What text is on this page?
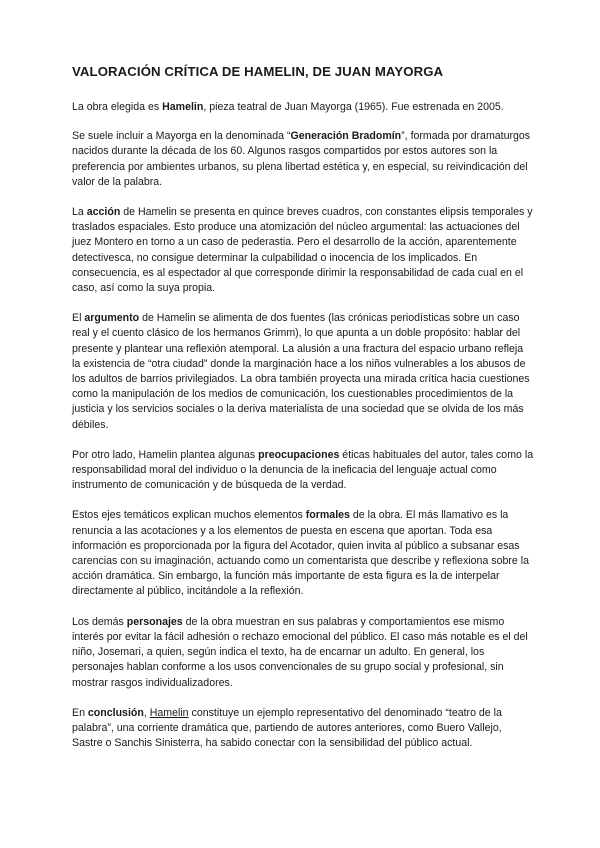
VALORACIÓN CRÍTICA DE HAMELIN, DE JUAN MAYORGA

La obra elegida es Hamelin, pieza teatral de Juan Mayorga (1965). Fue estrenada en 2005.

Se suele incluir a Mayorga en la denominada “Generación Bradomín”, formada por dramaturgos nacidos durante la década de los 60. Algunos rasgos compartidos por estos autores son la preferencia por ambientes urbanos, su plena libertad estética y, en especial, su reivindicación del valor de la palabra.

La acción de Hamelin se presenta en quince breves cuadros, con constantes elipsis temporales y traslados espaciales. Esto produce una atomización del núcleo argumental: las actuaciones del juez Montero en torno a un caso de pederastia. Pero el desarrollo de la acción, aparentemente detectivesca, no consigue determinar la culpabilidad o inocencia de los implicados. En consecuencia, es al espectador al que corresponde dirimir la responsabilidad de cada cual en el caso, así como la suya propia.

El argumento de Hamelin se alimenta de dos fuentes (las crónicas periodísticas sobre un caso real y el cuento clásico de los hermanos Grimm), lo que apunta a un doble propósito: hablar del presente y plantear una reflexión atemporal. La alusión a una fractura del espacio urbano refleja la existencia de “otra ciudad” donde la marginación hace a los niños vulnerables a los abusos de los adultos de barrios privilegiados. La obra también proyecta una mirada crítica hacia cuestiones como la manipulación de los medios de comunicación, los cuestionables procedimientos de la justicia y los servicios sociales o la deriva materialista de una sociedad que se olvida de los más débiles.

Por otro lado, Hamelin plantea algunas preocupaciones éticas habituales del autor, tales como la responsabilidad moral del individuo o la denuncia de la ineficacia del lenguaje actual como instrumento de comunicación y de búsqueda de la verdad.

Estos ejes temáticos explican muchos elementos formales de la obra. El más llamativo es la renuncia a las acotaciones y a los elementos de puesta en escena que aportan. Toda esa información es proporcionada por la figura del Acotador, quien invita al público a subsanar esas carencias con su imaginación, actuando como un comentarista que describe y reflexiona sobre la acción dramática. Sin embargo, la función más importante de esta figura es la de interpelar directamente al público, incitándole a la reflexión.

Los demás personajes de la obra muestran en sus palabras y comportamientos ese mismo interés por evitar la fácil adhesión o rechazo emocional del público. El caso más notable es el del niño, Josemari, a quien, según indica el texto, ha de encarnar un adulto. En general, los personajes hablan conforme a los usos convencionales de su grupo social y profesional, sin mostrar rasgos individualizadores.

En conclusión, Hamelin constituye un ejemplo representativo del denominado “teatro de la palabra”, una corriente dramática que, partiendo de autores anteriores, como Buero Vallejo, Sastre o Sanchis Sinisterra, ha sabido conectar con la sensibilidad del público actual.
